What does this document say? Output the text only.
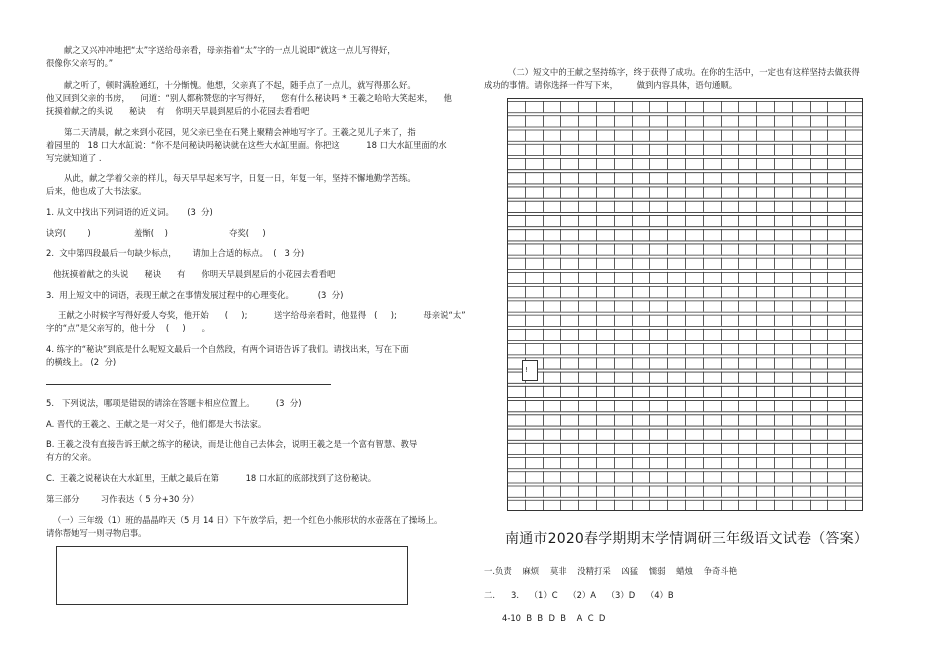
献之又兴冲冲地把“太”字送给母亲看，母亲指着“太”字的一点儿说即“就这一点儿写得好，
很像你父亲写的。”
献之听了，顿时满脸通红，十分惭愧。他想，父亲真了不起，随手点了一点儿，就写得那么好。
他又回到父亲的书房，    问道：“别人都称赞您的字写得好，    您有什么秘诀吗 * 王羲之哈哈大笑起来，    他
抚摸着献之的头说      秘诀    有    你明天早晨到屋后的小花园去看看吧
第二天清晨，献之来到小花园，见父亲已坐在石凳上聚精会神地写字了。王羲之见儿子来了，指
着园里的   18 口大水缸说：“你不是问秘诀吗秘诀就在这些大水缸里面。你把这          18 口大水缸里面的水
写完就知道了 .
从此，献之学着父亲的样儿，每天早早起来写字，日复一日，年复一年，坚持不懈地勤学苦练。
后来，他也成了大书法家。
1. 从文中找出下列词语的近义词。     (3  分)
诀窍(        )	羞惭(    )	夺奖(     )
2.  文中第四段最后一句缺少标点，      请加上合适的标点。  (   3 分)
他抚摸着献之的头说      秘诀      有      你明天早晨到屋后的小花园去看看吧
3.  用上短文中的词语，表现王献之在事情发展过程中的心理变化。         (3  分)
王献之小时候字写得好爱人夸奖，他开始      (     );          送字给母亲看时，他显得   (     );          母亲说“太”
字的“点”是父亲写的，他十分    (     )      。
4. 练字的“秘诀”到底是什么呢短文最后一个自然段，有两个词语告诉了我们。请找出来，写在下面
的横线上。 (2  分)
5.   下列说法，哪项是错误的请涂在答题卡相应位置上。        (3  分)
A. 晋代的王羲之、王献之是一对父子，他们都是大书法家。
B. 王羲之没有直接告诉王献之练字的秘诀，而是让他自己去体会，说明王羲之是一个富有智慧、教导
有方的父亲。
C.  王羲之说秘诀在大水缸里，王献之最后在第          18 口水缸的底部找到了这份秘诀。
第三部分        习作表达（ 5 分+30 分）
（一）三年级（1）班的晶晶昨天（5 月 14 日）下午放学后，把一个红色小熊形状的水壶落在了操场上。
请你帮她写一则寻物启事。
（二）短文中的王献之坚持练字，终于获得了成功。在你的生活中，一定也有这样坚持去做获得
成功的事情。请你选择一件写下来，       做到内容具体，语句通顺。
!
南通市2020春学期期末学情调研三年级语文试卷（答案）
一.负责    麻烦    莫非    没精打采    凶猛    懦弱    蜡烛    争奇斗艳
二.      3.    （1）C    （2）A    （3）D    （4）B
4-10  B  B  D  B    A  C  D
